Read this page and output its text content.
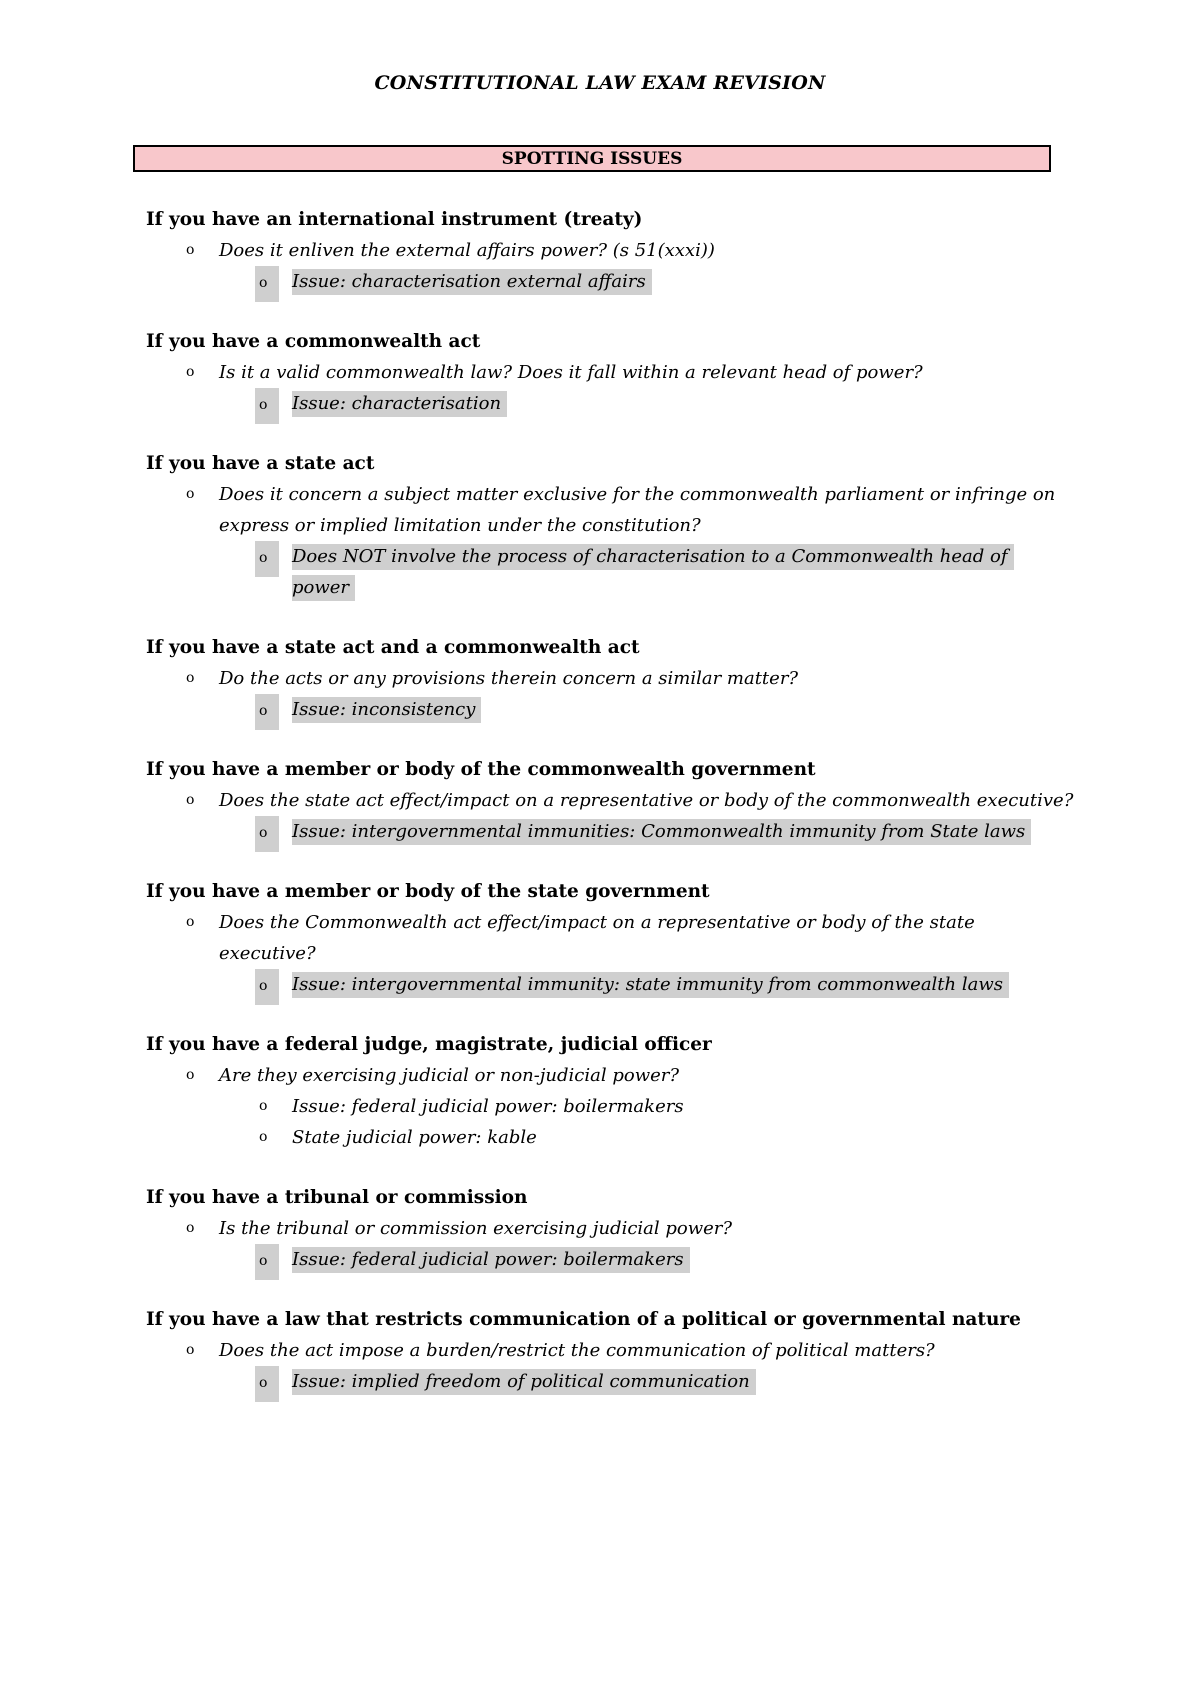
CONSTITUTIONAL LAW EXAM REVISION
SPOTTING ISSUES

If you have an international instrument (treaty)

o Does it enliven the external affairs power? (s 51(xxxi))
o	Issue: characterisation external affairs

If you have a commonwealth act

o Is it a valid commonwealth law? Does it fall within a relevant head of power?
o	Issue: characterisation

If you have a state act

o Does it concern a subject matter exclusive for the commonwealth parliament or infringe on express or implied limitation under the constitution?
o	Does NOT involve the process of characterisation to a Commonwealth head of power

If you have a state act and a commonwealth act

o Do the acts or any provisions therein concern a similar matter?
o	Issue: inconsistency

If you have a member or body of the commonwealth government

o Does the state act effect/impact on a representative or body of the commonwealth executive?
o	Issue: intergovernmental immunities: Commonwealth immunity from State laws

If you have a member or body of the state government

o Does the Commonwealth act effect/impact on a representative or body of the state executive?
o	Issue: intergovernmental immunity: state immunity from commonwealth laws

If you have a federal judge, magistrate, judicial officer

o Are they exercising judicial or non-judicial power?
o Issue: federal judicial power: boilermakers
o State judicial power: kable

If you have a tribunal or commission

o Is the tribunal or commission exercising judicial power?
o	Issue: federal judicial power: boilermakers

If you have a law that restricts communication of a political or governmental nature

o Does the act impose a burden/restrict the communication of political matters?
o	Issue: implied freedom of political communication
